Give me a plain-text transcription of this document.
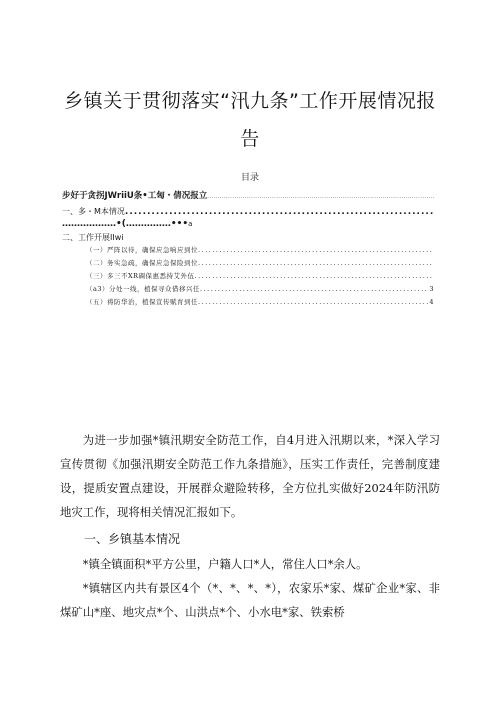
乡镇关于贯彻落实“汛九条”工作开展情况报告
目录
步好于贪拐JWriiU条•工匈・倩况报立
.....
一、多・M本情况
.....
………………•(……………••• a
二、工作开展IIwi
（一）严阵以待，确保应急响应到位
.....
（二）务实急疏，确保应急保险到位
.....
（三）多三不XR碉保惠悉持艾外伍
.....
（a3）分处一线，植保寻众借移兴任 .....	3
（五）祷防华治，植保宣传赋育到任 .....	4

为进一步加强*镇汛期安全防范工作，自4月进入汛期以来，*深入学习宣传贯彻《加强汛期安全防范工作九条措施》，压实工作责任，完善制度建设，提质安置点建设，开展群众避险转移，全方位扎实做好2024年防汛防地灾工作，现将相关情况汇报如下。

一、乡镇基本情况

*镇全镇面积*平方公里，户籍人口*人，常住人口*余人。

*镇辖区内共有景区4个（*、*、*、*），农家乐*家、煤矿企业*家、非煤矿山*座、地灾点*个、山洪点*个、小水电*家、铁索桥
